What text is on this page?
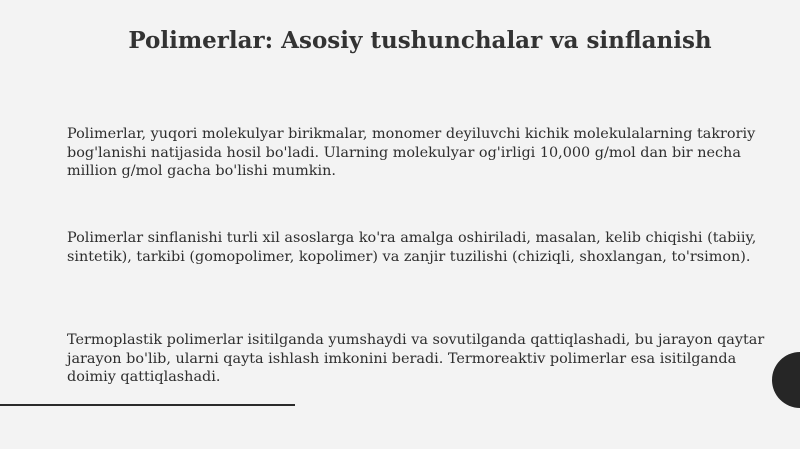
Polimerlar: Asosiy tushunchalar va sinflanish
Polimerlar, yuqori molekulyar birikmalar, monomer deyiluvchi kichik molekulalarning takroriy bog'lanishi natijasida hosil bo'ladi. Ularning molekulyar og'irligi 10,000 g/mol dan bir necha million g/mol gacha bo'lishi mumkin.
Polimerlar sinflanishi turli xil asoslarga ko'ra amalga oshiriladi, masalan, kelib chiqishi (tabiiy, sintetik), tarkibi (gomopolimer, kopolimer) va zanjir tuzilishi (chiziqli, shoxlangan, to'rsimon).
Termoplastik polimerlar isitilganda yumshaydi va sovutilganda qattiqlashadi, bu jarayon qaytar jarayon bo'lib, ularni qayta ishlash imkonini beradi. Termoreaktiv polimerlar esa isitilganda doimiy qattiqlashadi.
